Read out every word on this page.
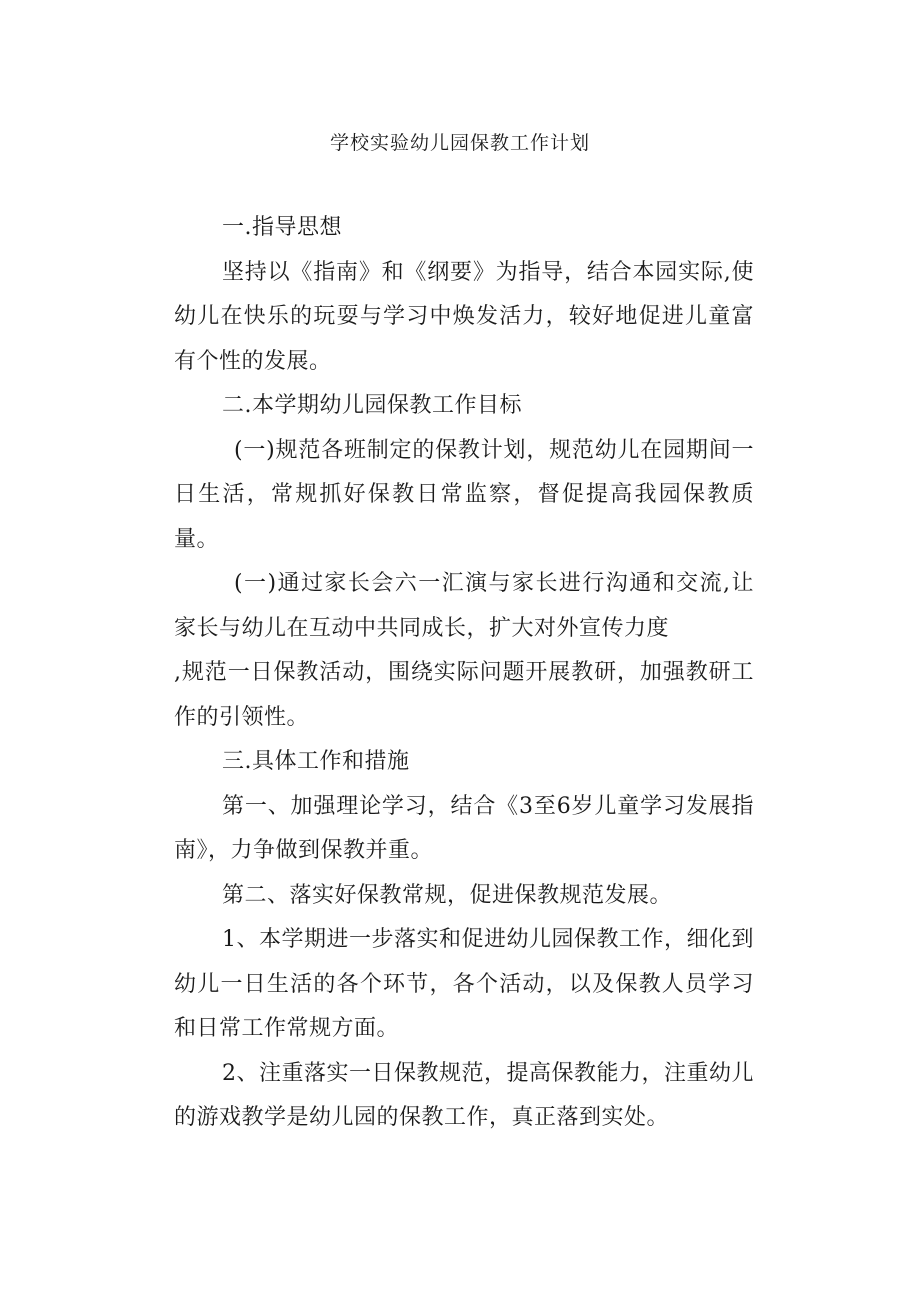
学校实验幼儿园保教工作计划

一.指导思想

坚持以《指南》和《纲要》为指导，结合本园实际,使幼儿在快乐的玩耍与学习中焕发活力，较好地促进儿童富有个性的发展。

二.本学期幼儿园保教工作目标

(一)规范各班制定的保教计划，规范幼儿在园期间一日生活，常规抓好保教日常监察，督促提高我园保教质量。

(一)通过家长会六一汇演与家长进行沟通和交流,让家长与幼儿在互动中共同成长，扩大对外宣传力度

,规范一日保教活动，围绕实际问题开展教研，加强教研工作的引领性。

三.具体工作和措施

第一、加强理论学习，结合《3至6岁儿童学习发展指南》，力争做到保教并重。

第二、落实好保教常规，促进保教规范发展。

1、本学期进一步落实和促进幼儿园保教工作，细化到幼儿一日生活的各个环节，各个活动，以及保教人员学习和日常工作常规方面。

2、注重落实一日保教规范，提高保教能力，注重幼儿的游戏教学是幼儿园的保教工作，真正落到实处。
